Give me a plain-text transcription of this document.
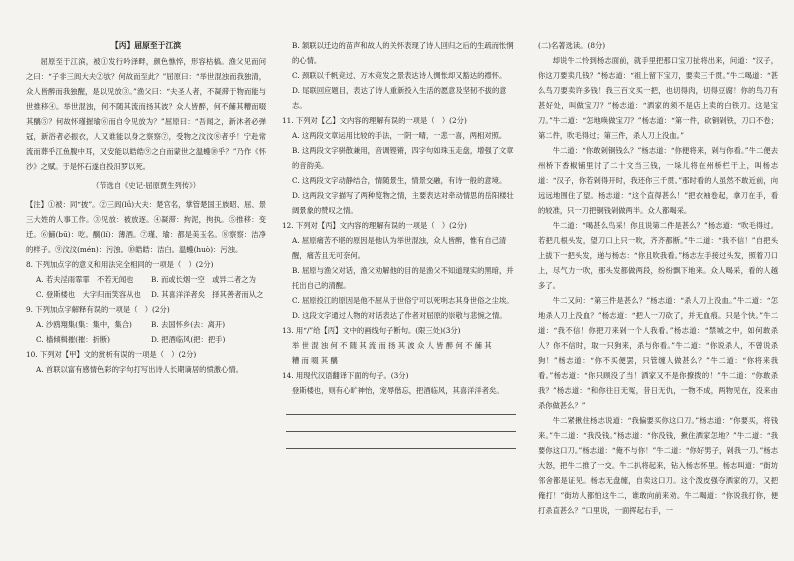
【丙】屈原至于江滨

屈原至于江滨，被①发行吟泽畔，颜色憔悴，形容枯槁。渔父见而问之曰：“子非三闾大夫②欤？何故而至此？”屈原曰：“举世混浊而我独清，众人皆醉而我独醒，是以见放③。”渔父曰：“夫圣人者，不凝滞于物而能与世推移④。举世混浊，何不随其流而扬其波？众人皆醉，何不餔其糟而啜其醨⑤？何故怀瑾握瑜⑥而自令见放为？”屈原曰：“吾闻之，新沐者必弹冠，新浴者必振衣，人又谁能以身之察察⑦，受物之汶汶⑧者乎！宁赴常流而葬乎江鱼腹中耳，又安能以皓皓⑨之白而蒙世之温蠖⑩乎？”乃作《怀沙》之赋。于是怀石遂自投汨罗以死。

（节选自《史记·屈原贾生列传》）

【注】①被：同“披”。②三闾(lǘ)大夫：楚官名，掌管楚国王族昭、屈、景三大姓的人事工作。③见放：被放逐。④凝滞：拘泥，拘执。⑤推移：变迁。⑥餔(bū)：吃。醨(lí)：薄酒。⑦瑾、瑜：都是美玉名。⑧察察：洁净的样子。⑨汶汶(mén)：污浊。⑩皓皓：洁白。温蠖(huò)：污浊。

8. 下列加点字的意义和用法完全相同的一项是（　）(2分)

A. 若夫淫雨霏霏　不若无闻也	B. 而或长烟一空　或异二者之为
C. 登斯楼也　大字归而笑容从也	D. 其喜洋洋者矣　择其善者而从之

9. 下列加点字解释有误的一项是（　）(2分)

A. 沙鸥翔集(集：集中，集合)	B. 去国怀乡(去：离开)
C. 樯倾楫摧(摧：折断)	D. 把酒临风(把：把手)

10. 下列对【甲】文的赏析有误的一项是（　）(2分)

A. 首联以富有感情色彩的字句打写出诗人长期谪居的愤激心情。

B. 颔联以迁边的苗声和故人的关怀表现了诗人回归之后的生疏而怅惘的心情。

C. 颈联以千帆竞过、万木竞发之景表达诗人惆怅却又豁达的襟怀。

D. 尾联回应题目，表达了诗人重新投入生活的愿意及坚韧不拔的意志。

11. 下列对【乙】文内容的理解有误的一项是（　）(2分)

A. 这两段文章运用比较的手法，一阴一晴，一悲一喜，两相对照。

B. 这两段文字骈散兼用，音调铿锵，四字句如珠玉走盘，增强了文章的音韵美。

C. 这两段文字动静结合，情随景生，情景交融，有诗一般的意境。

D. 这两段文字描写了两种览物之情，主要表达对牵动情思的岳阳楼壮阔景象的赞叹之情。

12. 下列对【丙】文内容的理解有误的一项是（　）(2分)

A. 屈原痛苦不堪的原因是他认为举世混浊，众人皆醉，惟有自己清醒，痛苦且无可奈何。

B. 屈原与渔父对话，渔父劝解他的目的是渔父不知道现实的黑暗，并托出自己的清醒。

C. 屈原投江的原因是他不屈从于世俗宁可以死明志其身世俗之尘埃。

D. 这段文字通过人物的对话表达了作者对屈原的崇敬与悲惋之情。

13. 用“/”给【丙】文中的画线句子断句。(限三处)(3分)

举 世 混 浊 何 不 随 其 流 而 扬 其 波 众 人 皆 醉 何 不 餔 其

糟 而 啜 其 醨

14. 用现代汉语翻译下面的句子。(3分)

登斯楼也，则有心旷神怡，宠辱偕忘，把酒临风，其喜洋洋者矣。

(二)名著选读。(8分)

却说牛二怜到杨志面前，就手里把那口宝刀扯将出来，问道：“汉子，你这刀要卖几钱？”杨志道：“祖上留下宝刀，要卖三千贯。”牛二喝道：“甚么鸟刀要卖许多钱！我三百文买一把，也切得肉，切得豆腐！你的鸟刀有甚好处，叫做宝刀？”杨志道：“洒家的须不是店上卖的白铁刀。这是宝刀。”牛二道：“怎地唤做宝刀？”杨志道：“第一件，砍铜剁铁，刀口不卷；第二件，吹毛得过；第三件，杀人刀上没血。”

牛二道：“你敢剁铜钱么？”杨志道：“你便将来，剁与你看。”牛二便去州桥下香椒铺里讨了二十文当三钱，一垛儿将在州桥栏干上，叫杨志道：“汉子，你若剁得开时，我还你三千贯。”那时看的人虽然不敢近前，向远远地围住了望。杨志道：“这个直得甚么！”把衣袖卷起，拿刀在手，看的较准，只一刀把铜钱剁做两半。众人都喝采。

牛二道：“喝甚么鸟采！你且说第二件是甚么？”杨志道：“吹毛得过。若把几根头发，望刀口上只一吹，齐齐都断。”牛二道：“我不信！”自把头上拔下一把头发，递与杨志：“你且吹我看。”杨志左手接过头发，照着刀口上，尽气力一吹，那头发都做两段，纷纷飘下地来。众人喝采，看的人越多了。

牛二又问：“第三件是甚么？”杨志道：“杀人刀上没血。”牛二道：“怎地杀人刀上没血？”杨志道：“把人一刀砍了，并无血痕。只是个快。”牛二道：“我不信！你把刀来剁一个人我看。”杨志道：“禁城之中，如何敢杀人？你不信时，取一只狗来，杀与你看。”牛二道：“你说杀人，不曾说杀狗！”杨志道：“你不买便罢，只管缠人做甚么？”牛二道：“你将来我看。”杨志道：“你只顾没了当！洒家又不是你撩拨的！”牛二道：“你敢杀我？”杨志道：“和你往日无冤，昔日无仇，一物不成，两物见在，没来由杀你做甚么？”

牛二紧揪住杨志说道：“我偏要买你这口刀。”杨志道：“你要买，将钱来。”牛二道：“我没钱。”杨志道：“你没钱，揪住洒家怎地？”牛二道：“我要你这口刀。”杨志道：“俺不与你！”牛二道：“你好男子，剁我一刀。”杨志大怒，把牛二推了一交。牛二扒将起来，钻入杨志怀里。杨志叫道：“街坊邻舍都是证见。杨志无盘缠，自卖这口刀。这个泼皮强夺洒家的刀，又把俺打！”街坊人都怕这牛二，谁敢向前来劝。牛二喝道：“你说我打你，便打杀直甚么？”口里说，一面挥起右手，一
